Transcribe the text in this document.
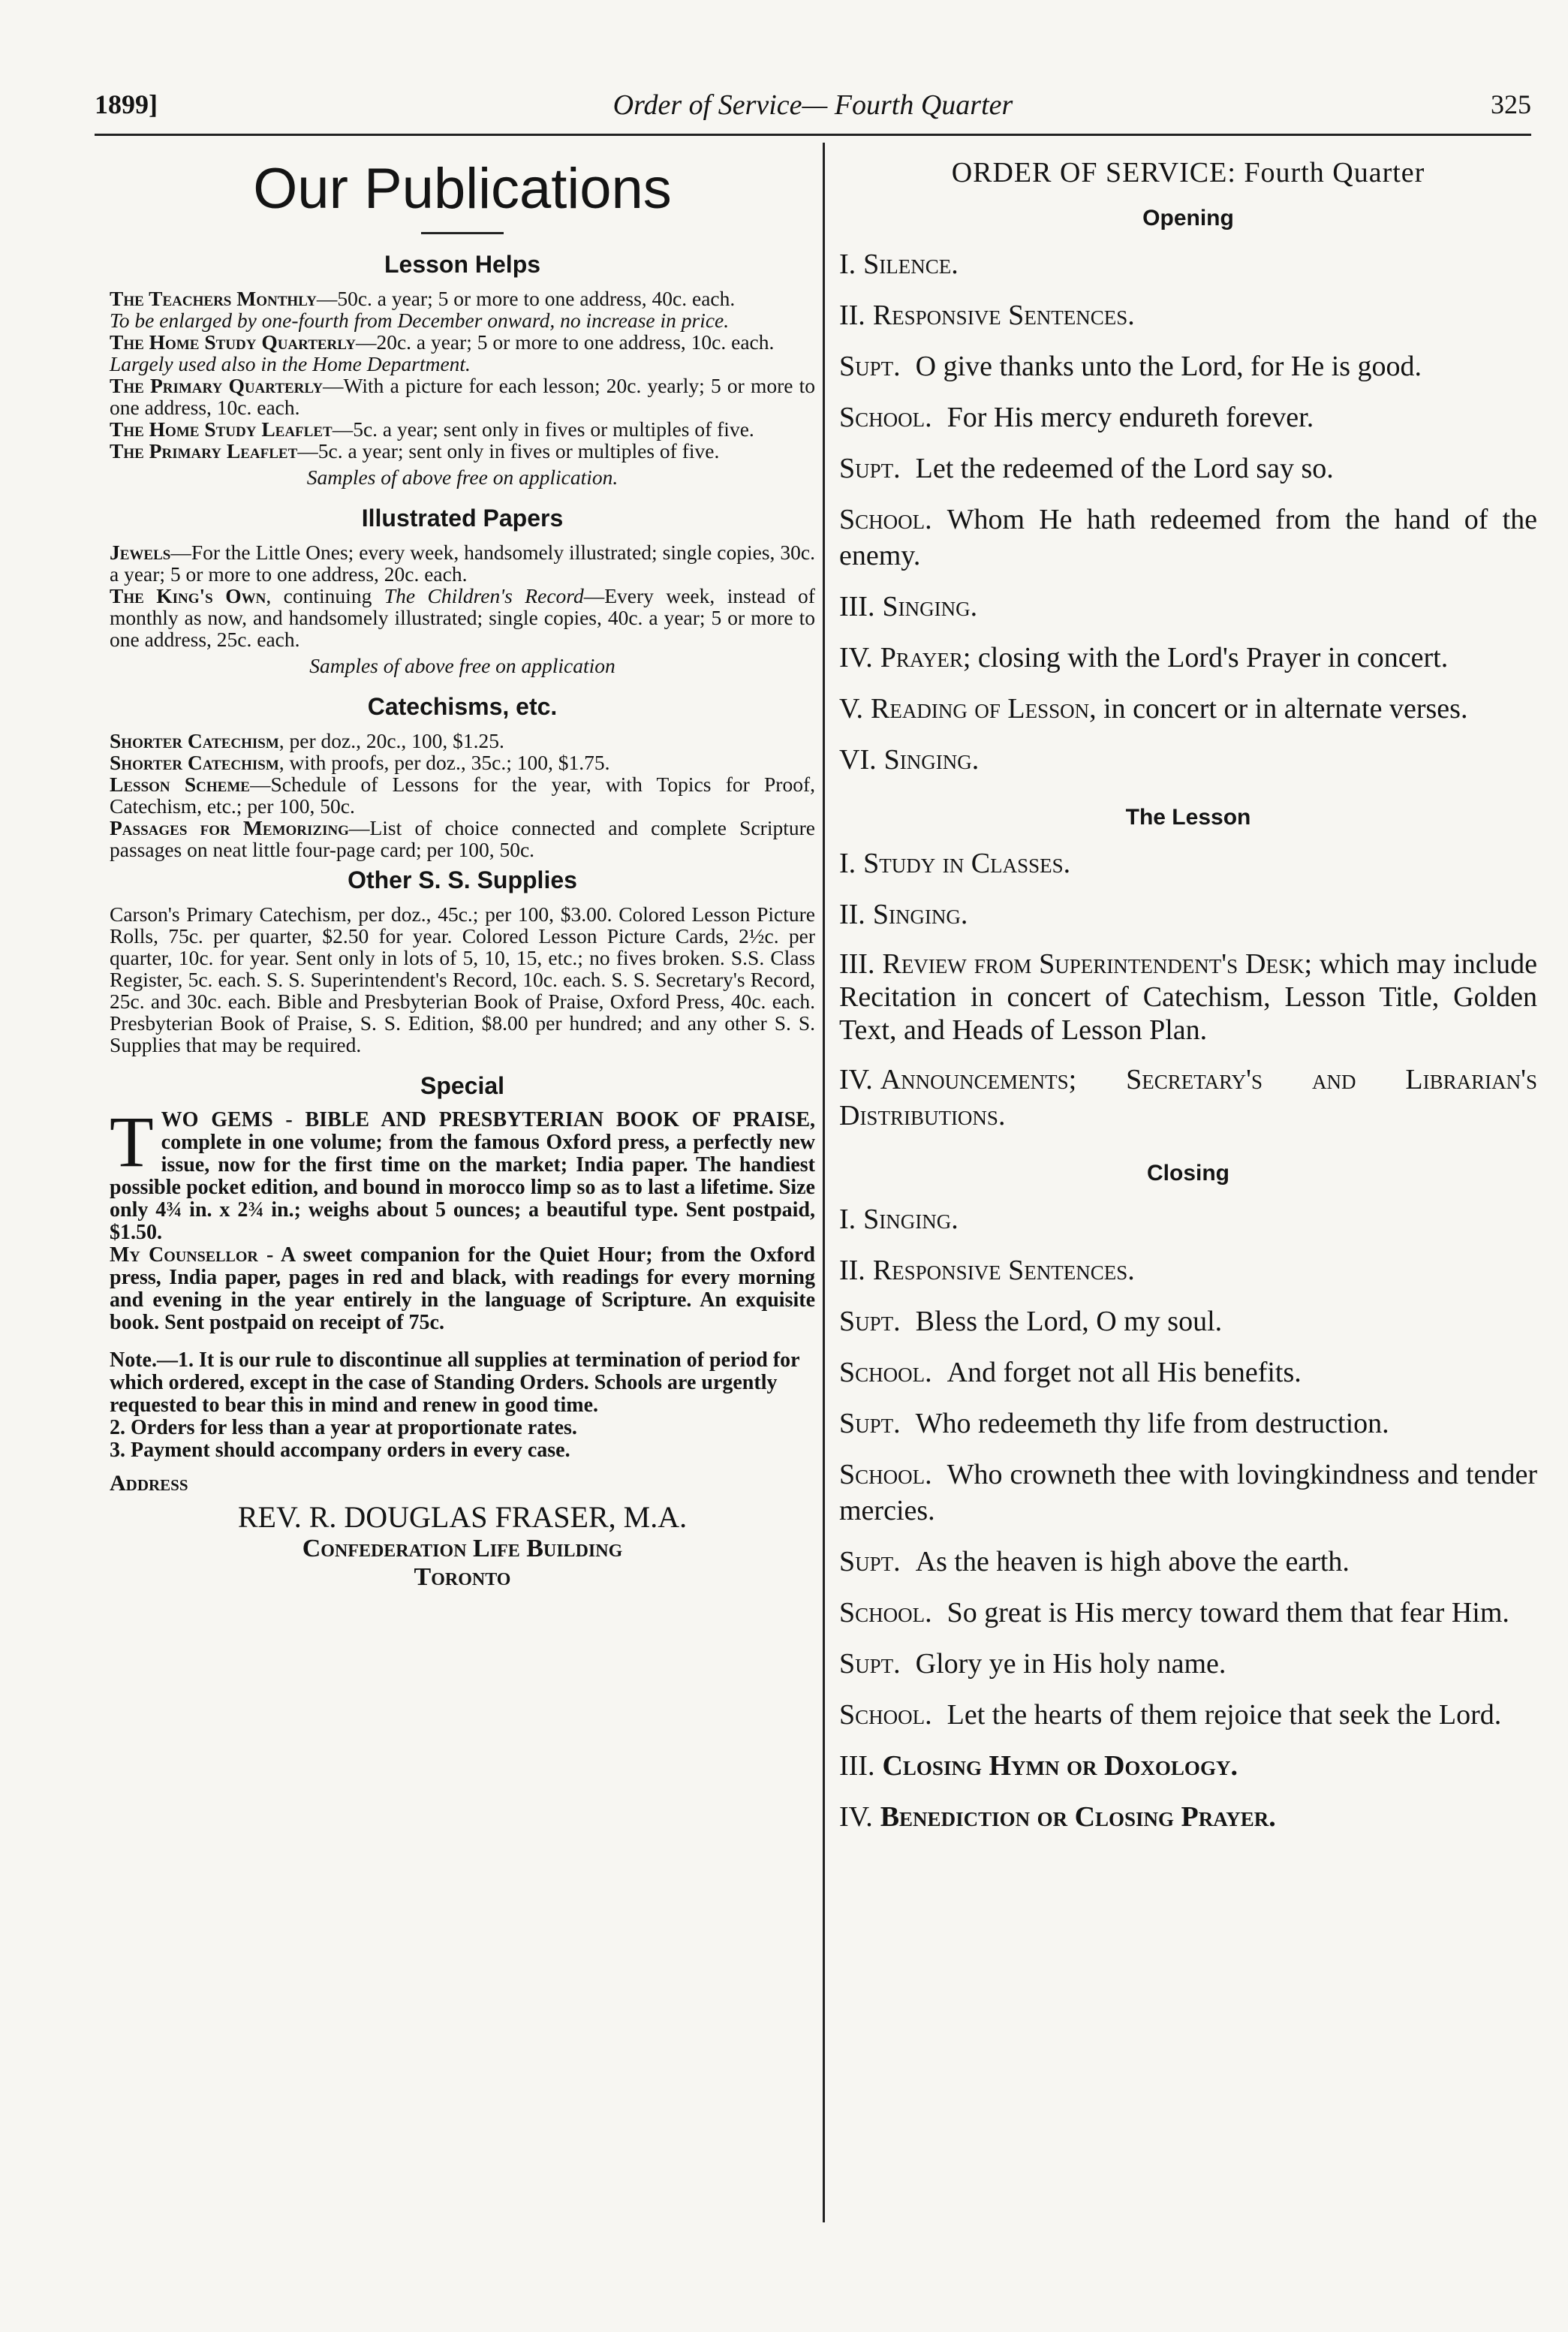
1899]	Order of Service— Fourth Quarter	325
Our Publications
Lesson Helps

The Teachers Monthly—50c. a year; 5 or more to one address, 40c. each.

To be enlarged by one-fourth from December onward, no increase in price.

The Home Study Quarterly—20c. a year; 5 or more to one address, 10c. each.

Largely used also in the Home Department.

The Primary Quarterly—With a picture for each lesson; 20c. yearly; 5 or more to one address, 10c. each.

The Home Study Leaflet—5c. a year; sent only in fives or multiples of five.

The Primary Leaflet—5c. a year; sent only in fives or multiples of five.

Samples of above free on application.

Illustrated Papers

Jewels—For the Little Ones; every week, handsomely illustrated; single copies, 30c. a year; 5 or more to one address, 20c. each.

The King's Own, continuing The Children's Record—Every week, instead of monthly as now, and handsomely illustrated; single copies, 40c. a year; 5 or more to one address, 25c. each.

Samples of above free on application

Catechisms, etc.

Shorter Catechism, per doz., 20c., 100, $1.25.

Shorter Catechism, with proofs, per doz., 35c.; 100, $1.75.

Lesson Scheme—Schedule of Lessons for the year, with Topics for Proof, Catechism, etc.; per 100, 50c.

Passages for Memorizing—List of choice connected and complete Scripture passages on neat little four-page card; per 100, 50c.

Other S. S. Supplies

Carson's Primary Catechism, per doz., 45c.; per 100, $3.00. Colored Lesson Picture Rolls, 75c. per quarter, $2.50 for year. Colored Lesson Picture Cards, 2½c. per quarter, 10c. for year. Sent only in lots of 5, 10, 15, etc.; no fives broken. S.S. Class Register, 5c. each. S. S. Superintendent's Record, 10c. each. S. S. Secretary's Record, 25c. and 30c. each. Bible and Presbyterian Book of Praise, Oxford Press, 40c. each. Presbyterian Book of Praise, S. S. Edition, $8.00 per hundred; and any other S. S. Supplies that may be required.

Special

TWO GEMS - BIBLE AND PRESBYTERIAN BOOK OF PRAISE, complete in one volume; from the famous Oxford press, a perfectly new issue, now for the first time on the market; India paper. The handiest possible pocket edition, and bound in morocco limp so as to last a lifetime. Size only 4¾ in. x 2¾ in.; weighs about 5 ounces; a beautiful type. Sent postpaid, $1.50.

My Counsellor - A sweet companion for the Quiet Hour; from the Oxford press, India paper, pages in red and black, with readings for every morning and evening in the year entirely in the language of Scripture. An exquisite book. Sent postpaid on receipt of 75c.

Note.—1. It is our rule to discontinue all supplies at termination of period for which ordered, except in the case of Standing Orders. Schools are urgently requested to bear this in mind and renew in good time.

2. Orders for less than a year at proportionate rates.

3. Payment should accompany orders in every case.

Address
REV. R. DOUGLAS FRASER, M.A.
Confederation Life Building
Toronto
ORDER OF SERVICE: Fourth Quarter
Opening

I. Silence.

II. Responsive Sentences.

Supt. O give thanks unto the Lord, for He is good.

School. For His mercy endureth forever.

Supt. Let the redeemed of the Lord say so.

School. Whom He hath redeemed from the hand of the enemy.

III. Singing.

IV. Prayer; closing with the Lord's Prayer in concert.

V. Reading of Lesson, in concert or in alternate verses.

VI. Singing.

The Lesson

I. Study in Classes.

II. Singing.

III. Review from Superintendent's Desk; which may include Recitation in concert of Catechism, Lesson Title, Golden Text, and Heads of Lesson Plan.

IV. Announcements; Secretary's and Librarian's Distributions.

Closing

I. Singing.

II. Responsive Sentences.

Supt. Bless the Lord, O my soul.

School. And forget not all His benefits.

Supt. Who redeemeth thy life from destruction.

School. Who crowneth thee with lovingkindness and tender mercies.

Supt. As the heaven is high above the earth.

School. So great is His mercy toward them that fear Him.

Supt. Glory ye in His holy name.

School. Let the hearts of them rejoice that seek the Lord.

III. Closing Hymn or Doxology.

IV. Benediction or Closing Prayer.
